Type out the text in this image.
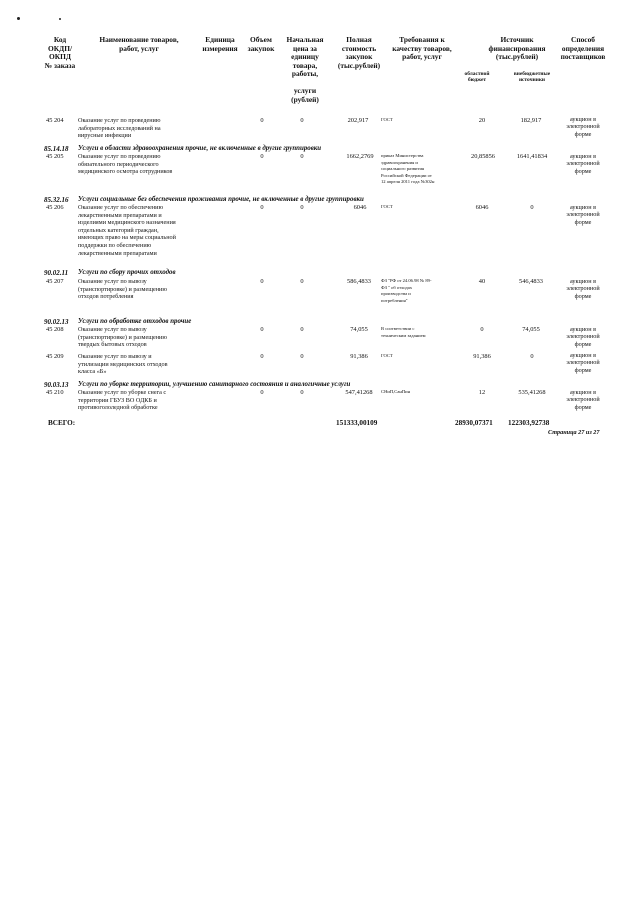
Код
ОКДП/
ОКПД
№ заказа
Наименование товаров,
работ, услуг
Единица
измерения
Объем
закупок
Начальная
цена за
единицу
товара,
работы,
услуги
(рублей)
Полная
стоимость
закупок
(тыс.рублей)
Требования к
качеству товаров,
работ, услуг
Источник
финансирования
(тыс.рублей)
областной
бюджет
внебюджетные
источники
Способ
определения
поставщиков
45 204 Оказание услуг по проведению
лабораторных исследований на
вирусные инфекции
0	0	202,917	ГОСТ	20	182,917	аукцион в
электронной
форме
85.14.18 Услуги в области здравоохранения прочие, не включенные в другие группировки
45 205 Оказание услуг по проведению
обязательного периодического
медицинского осмотра сотрудников
0	0	1662,2769	приказ Министерства
здравоохранения и
социального развития
Российской Федерации от
12 апреля 2011 года №302н
20,85856	1641,41834	аукцион в
электронной
форме
85.32.16 Услуги социальные без обеспечения проживания прочие, не включенные в другие группировки
45 206 Оказание услуг по обеспечению
лекарственными препаратами и
изделиями медицинского назначения
отдельных категорий граждан,
имеющих право на меры социальной
поддержки по обеспечению
лекарственными препаратами
0	0	6046	ГОСТ	6046	0	аукцион в
электронной
форме
90.02.11 Услуги по сбору прочих отходов
45 207 Оказание услуг по вывозу
(транспортировке) и размещению
отходов потребления
0	0	586,4833	ФЗ "РФ от 24.06.98 № 89-
ФЗ " об отходах
производства и
потребления"
40	546,4833	аукцион в
электронной
форме
90.02.13 Услуги по обработке отходов прочие
45 208 Оказание услуг по вывозу
(транспортировке) и размещению
твердых бытовых отходов
0	0	74,055	В соответствии с
техническим заданием
0	74,055	аукцион в
электронной
форме
45 209 Оказание услуг по вывозу и
утилизации медицинских отходов
класса «Б»
0	0	91,386	ГОСТ	91,386	0	аукцион в
электронной
форме
90.03.13 Услуги по уборке территории, улучшению санитарного состояния и аналогичные услуги
45 210 Оказание услуг по уборке снега с
территории ГБУЗ ВО ОДКБ и
противогололедной обработке
0	0	547,41268	СНиП,СанПин	12	535,41268	аукцион в
электронной
форме
ВСЕГО:	151333,00109	28930,07371 122303,92738
Страница 27 из 27
